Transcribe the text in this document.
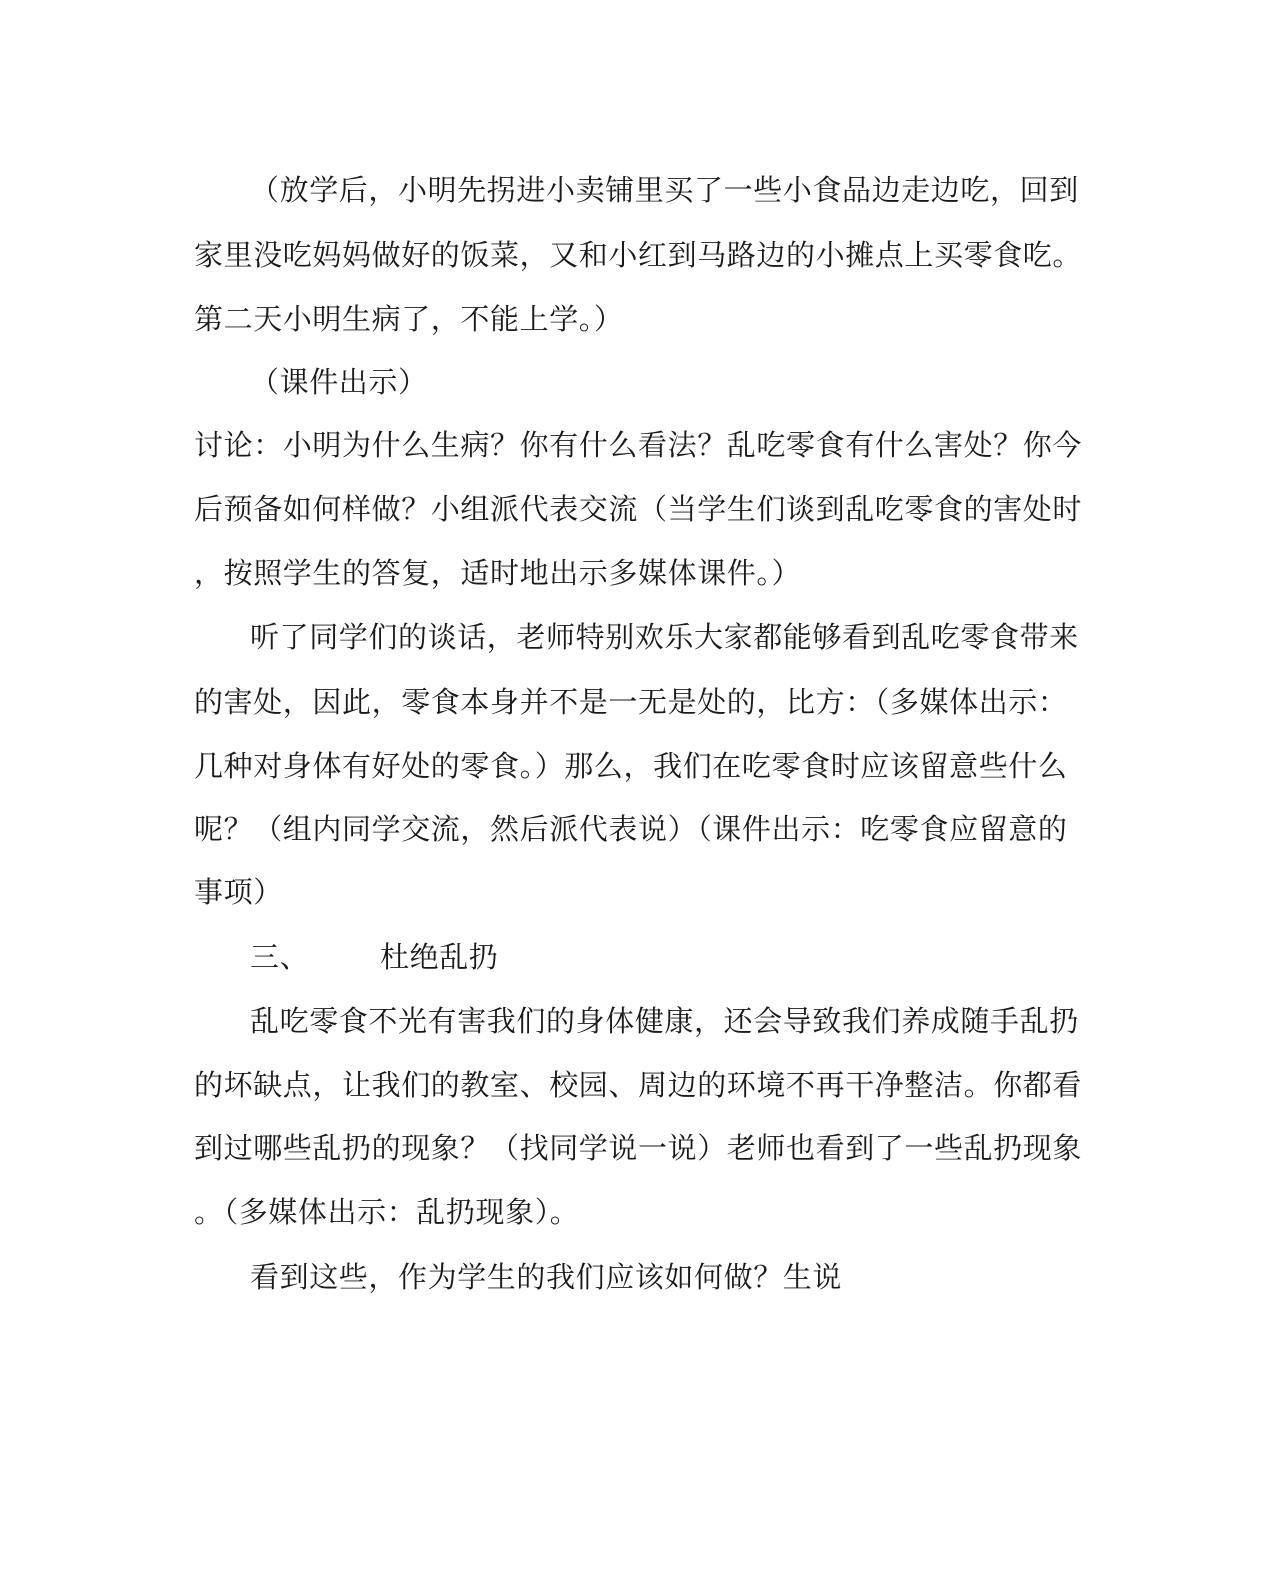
（放学后，小明先拐进小卖铺里买了一些小食品边走边吃，回到
家里没吃妈妈做好的饭菜，又和小红到马路边的小摊点上买零食吃。
第二天小明生病了，不能上学。）
（课件出示）
讨论：小明为什么生病？你有什么看法？乱吃零食有什么害处？你今
后预备如何样做？小组派代表交流（当学生们谈到乱吃零食的害处时
，按照学生的答复，适时地出示多媒体课件。）
听了同学们的谈话，老师特别欢乐大家都能够看到乱吃零食带来
的害处，因此，零食本身并不是一无是处的，比方：（多媒体出示：
几种对身体有好处的零食。）那么，我们在吃零食时应该留意些什么
呢？（组内同学交流，然后派代表说）（课件出示：吃零食应留意的
事项）
三、	杜绝乱扔
乱吃零食不光有害我们的身体健康，还会导致我们养成随手乱扔
的坏缺点，让我们的教室、校园、周边的环境不再干净整洁。你都看
到过哪些乱扔的现象？（找同学说一说）老师也看到了一些乱扔现象
。（多媒体出示：乱扔现象）。
看到这些，作为学生的我们应该如何做？生说
